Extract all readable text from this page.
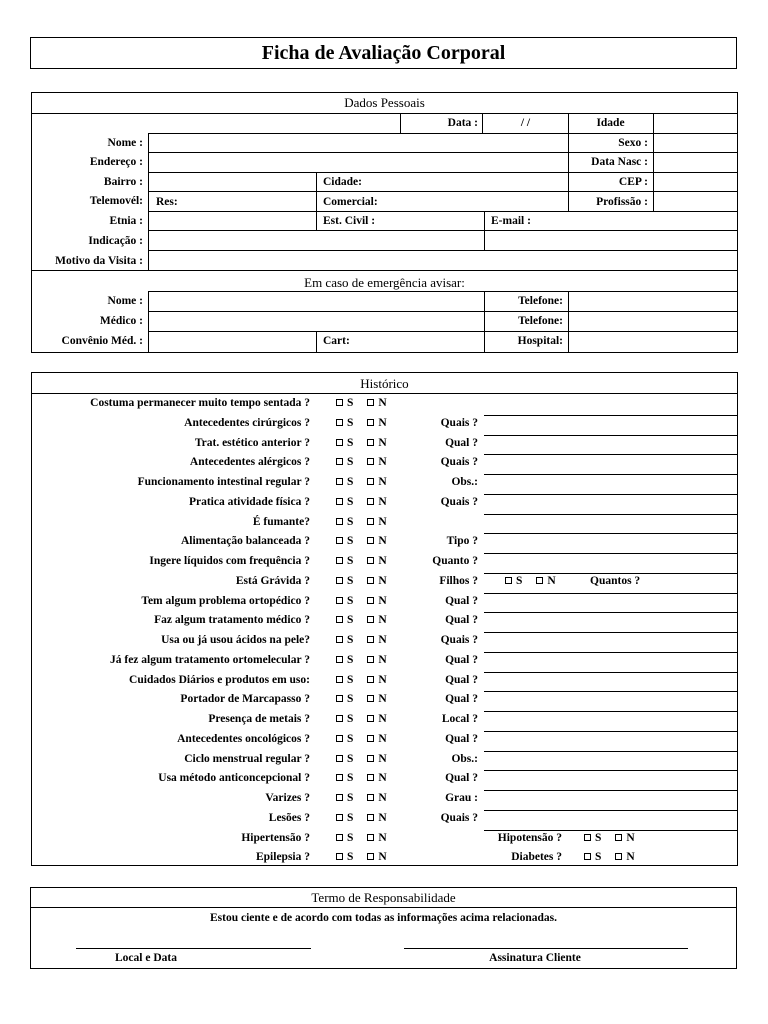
Ficha de Avaliação Corporal
Dados Pessoais
Data :	/ /	Idade
Nome :	Sexo :
Endereço :	Data Nasc :
Bairro :	Cidade:	CEP :
Telemovél: Res:	Comercial:	Profissão :
Etnia :	Est. Civil :	E-mail :
Indicação :
Motivo da Visita :
Em caso de emergência avisar:
Nome :	Telefone:
Médico :	Telefone:
Convênio Méd. :	Cart:	Hospital:
Histórico
Costuma permanecer muito tempo sentada ?	S N
Antecedentes cirúrgicos ?	S N	Quais ?
Trat. estético anterior ?	S N	Qual ?
Antecedentes alérgicos ?	S N	Quais ?
Funcionamento intestinal regular ?	S N	Obs.:
Pratica atividade física ?	S N	Quais ?
É fumante?	S N
Alimentação balanceada ?	S N	Tipo ?
Ingere líquidos com frequência ?	S N	Quanto ?
Está Grávida ?	S N	Filhos ?	S N	Quantos ?
Tem algum problema ortopédico ?	S N	Qual ?
Faz algum tratamento médico ?	S N	Qual ?
Usa ou já usou ácidos na pele?	S N	Quais ?
Já fez algum tratamento ortomelecular ?	S N	Qual ?
Cuidados Diários e produtos em uso:	S N	Qual ?
Portador de Marcapasso ?	S N	Qual ?
Presença de metais ?	S N	Local ?
Antecedentes oncológicos ?	S N	Qual ?
Ciclo menstrual regular ?	S N	Obs.:
Usa método anticoncepcional ?	S N	Qual ?
Varizes ?	S N	Grau :
Lesões ?	S N	Quais ?
Hipertensão ?	S N	Hipotensão ?	S N
Epilepsia ?	S N	Diabetes ?	S N
Termo de Responsabilidade
Estou ciente e de acordo com todas as informações acima relacionadas.
Local e Data	Assinatura Cliente
